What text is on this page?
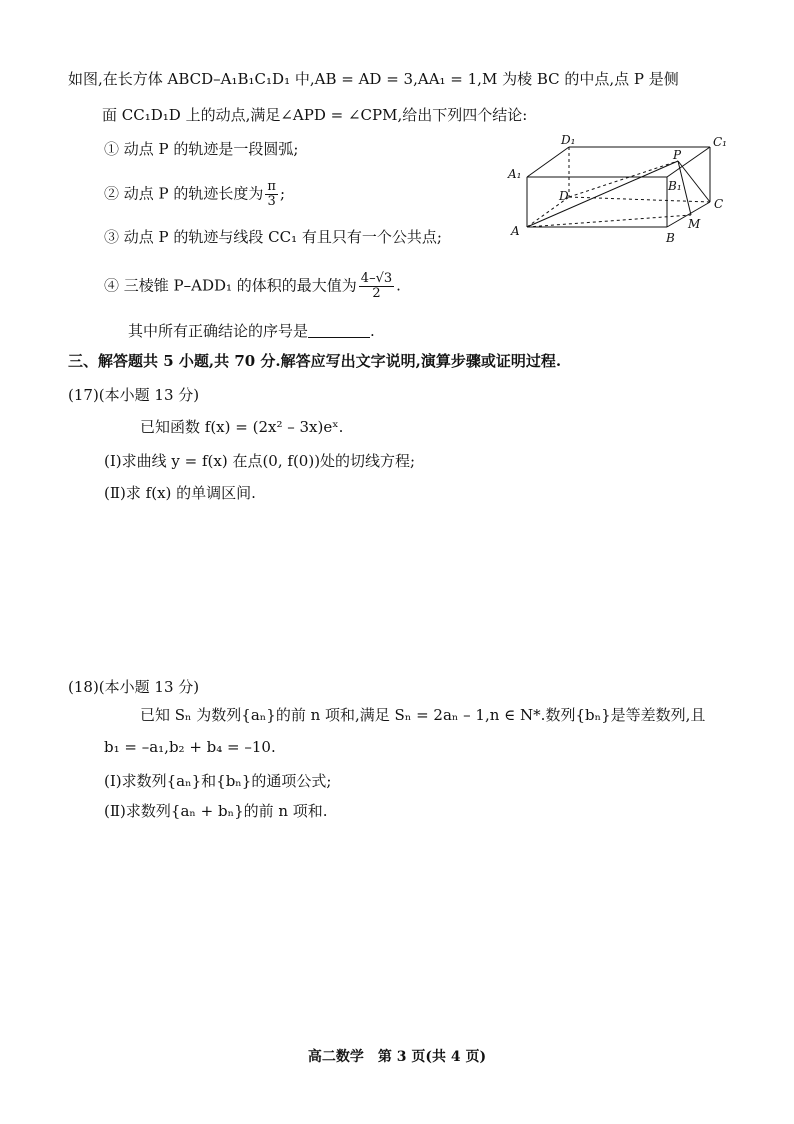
如图,在长方体 ABCD–A₁B₁C₁D₁ 中,AB = AD = 3,AA₁ = 1,M 为棱 BC 的中点,点 P 是侧
面 CC₁D₁D 上的动点,满足∠APD = ∠CPM,给出下列四个结论:
① 动点 P 的轨迹是一段圆弧;
② 动点 P 的轨迹长度为 $\frac{\pi}{3}$ ;
③ 动点 P 的轨迹与线段 CC₁ 有且只有一个公共点;
④ 三棱锥 P–ADD₁ 的体积的最大值为 $\frac{4-√3}{2}$ .
其中所有正确结论的序号是	.
D₁	C₁
A₁
B₁
P
D
C
A	B
M
三、解答题共 5 小题,共 70 分.解答应写出文字说明,演算步骤或证明过程.
(17)(本小题 13 分)
已知函数 f(x) = (2x² – 3x)eˣ.
(Ⅰ)求曲线 y = f(x) 在点(0, f(0))处的切线方程;
(Ⅱ)求 f(x) 的单调区间.
(18)(本小题 13 分)
已知 Sₙ 为数列{aₙ}的前 n 项和,满足 Sₙ = 2aₙ – 1,n ∈ N*.数列{bₙ}是等差数列,且
b₁ = –a₁,b₂ + b₄ = –10.
(Ⅰ)求数列{aₙ}和{bₙ}的通项公式;
(Ⅱ)求数列{aₙ + bₙ}的前 n 项和.
高二数学　第 3 页(共 4 页)
